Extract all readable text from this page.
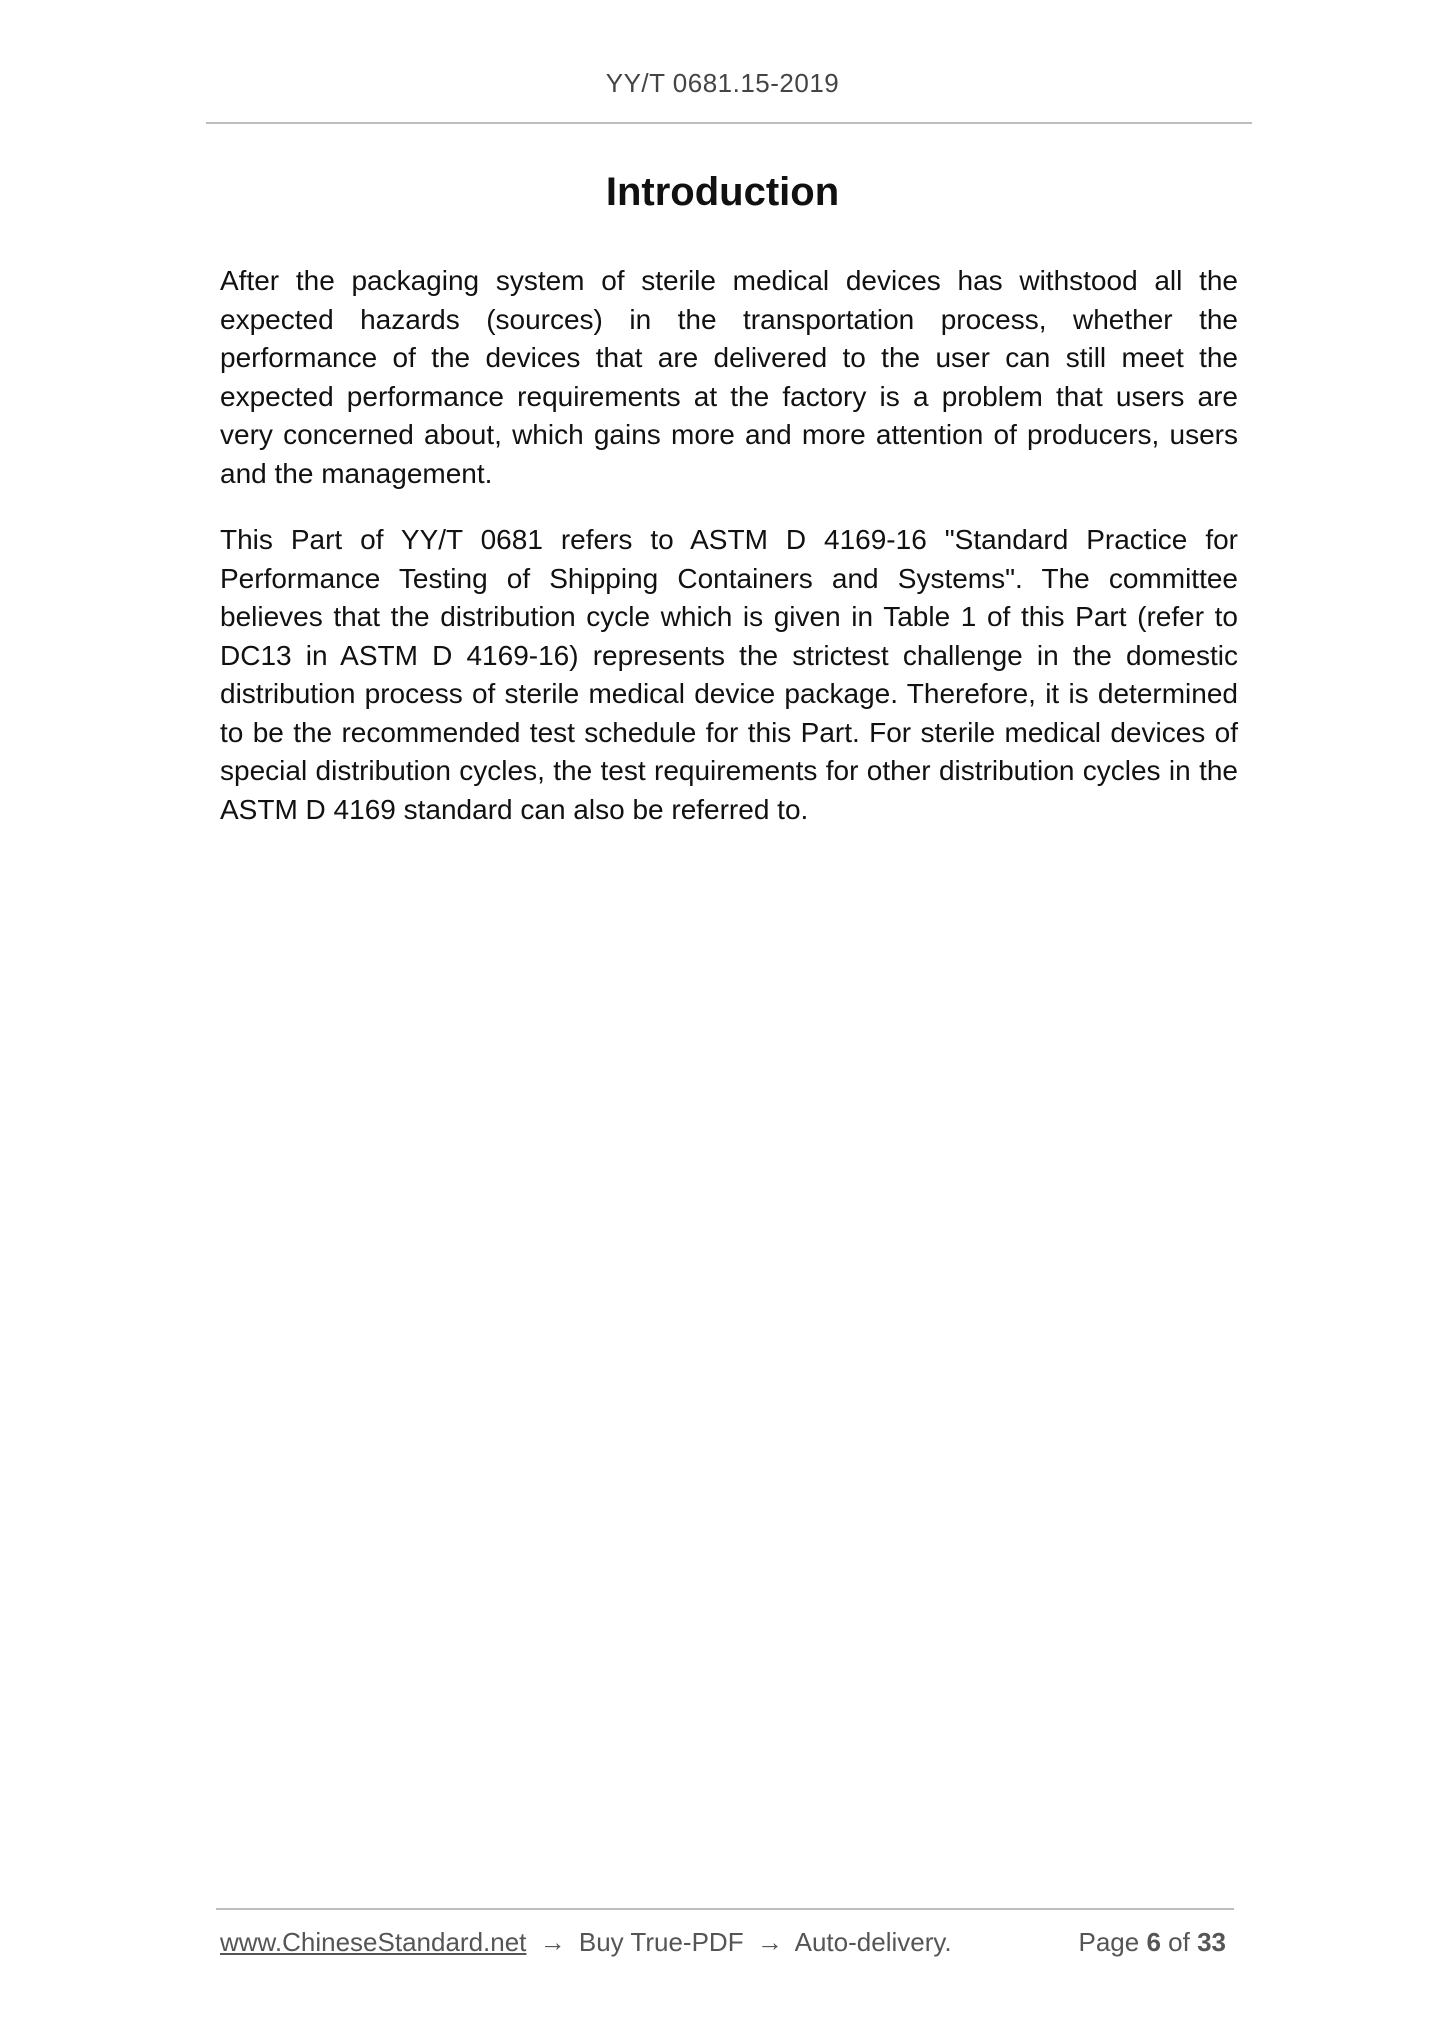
YY/T 0681.15-2019
Introduction

After the packaging system of sterile medical devices has withstood all the expected hazards (sources) in the transportation process, whether the performance of the devices that are delivered to the user can still meet the expected performance requirements at the factory is a problem that users are very concerned about, which gains more and more attention of producers, users and the management.

This Part of YY/T 0681 refers to ASTM D 4169-16 "Standard Practice for Performance Testing of Shipping Containers and Systems". The committee believes that the distribution cycle which is given in Table 1 of this Part (refer to DC13 in ASTM D 4169-16) represents the strictest challenge in the domestic distribution process of sterile medical device package. Therefore, it is determined to be the recommended test schedule for this Part. For sterile medical devices of special distribution cycles, the test requirements for other distribution cycles in the ASTM D 4169 standard can also be referred to.

www.ChineseStandard.net → Buy True-PDF → Auto-delivery.	Page 6 of 33
